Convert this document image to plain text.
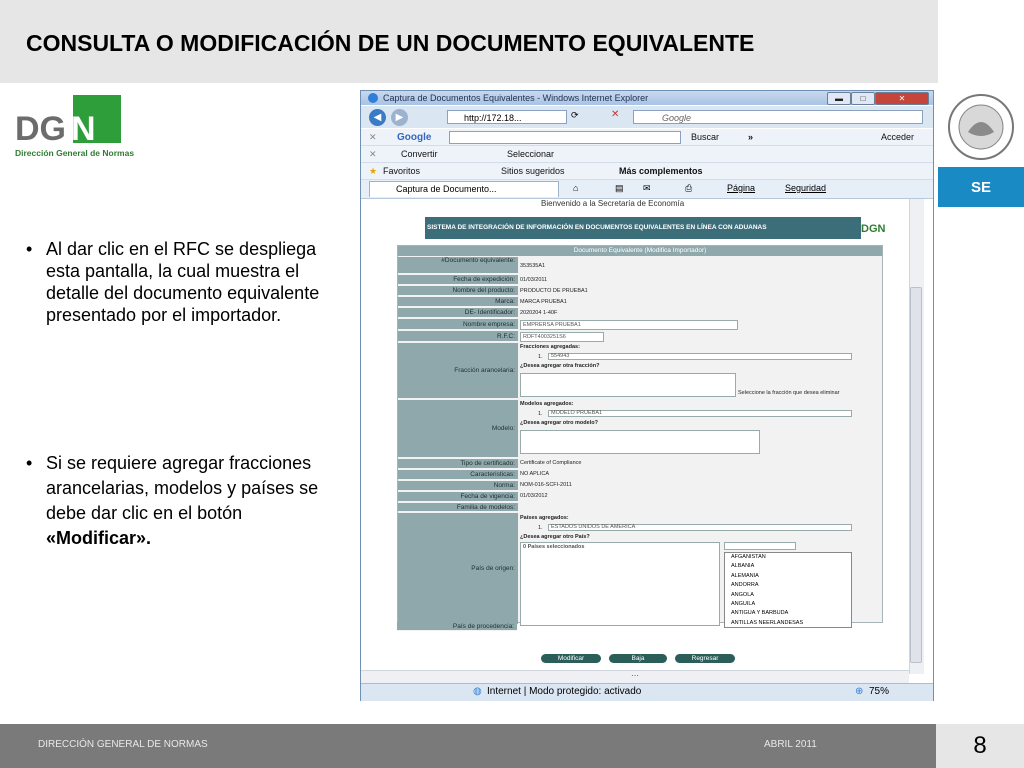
CONSULTA O MODIFICACIÓN DE UN DOCUMENTO EQUIVALENTE
DG N
Dirección General de Normas
SE
• Al dar clic en el RFC se despliega esta pantalla, la cual muestra el detalle del documento equivalente presentado por el importador.
• Si se requiere agregar fracciones arancelarias, modelos y países se debe dar clic en el botón «Modificar».
Captura de Documentos Equivalentes - Windows Internet Explorer	▬	□	✕
◀	▶	http://172.18...	⟳	✕	Google
✕ Google	Buscar	»	Acceder
✕	Convertir	Seleccionar
★ Favoritos	Sitios sugeridos	Más complementos
Captura de Documento...	⌂	▤ ✉	⎙	Página	Seguridad
Bienvenido a la Secretaría de Economía
SISTEMA DE INTEGRACIÓN DE INFORMACIÓN EN DOCUMENTOS EQUIVALENTES EN LÍNEA CON ADUANAS	DGN
Documento Equivalente (Modifica Importador)
#Documento equivalente:
353535A1
Fecha de expedición: 01/03/2011
Nombre del producto: PRODUCTO DE PRUEBA1
Marca: MARCA PRUEBA1
DE- Identificador: 2020204 1-40F
Nombre empresa:	EMPRERSA PRUEBA1
R.F.C:	RDFT4003251S6
Fracción arancelaria:
Fracciones agregadas:
1.	554943
¿Desea agregar otra fracción?
Seleccione la fracción que desea eliminar
Modelo:
Modelos agregados:
1.	MODELO PRUEBA1
¿Desea agregar otro modelo?
Tipo de certificado: Certificate of Compliance
Caracteristicas: NO APLICA
Norma: NOM-016-SCFI-2011
Fecha de vigencia: 01/03/2012
Familia de modelos:
País de origen:
Países agregados:
1.	ESTADOS UNIDOS DE AMERICA
¿Desea agregar otro País?
0 Países seleccionados
AFGANISTAN
ALBANIA
ALEMANIA
ANDORRA
ANGOLA
ANGUILA
ANTIGUA Y BARBUDA
ANTILLAS NEERLANDESAS
País de procedencia:
Modificar	Baja	Regresar
⋯
◍ Internet | Modo protegido: activado	⊕ 75%
DIRECCIÓN GENERAL DE NORMAS	ABRIL 2011	8
